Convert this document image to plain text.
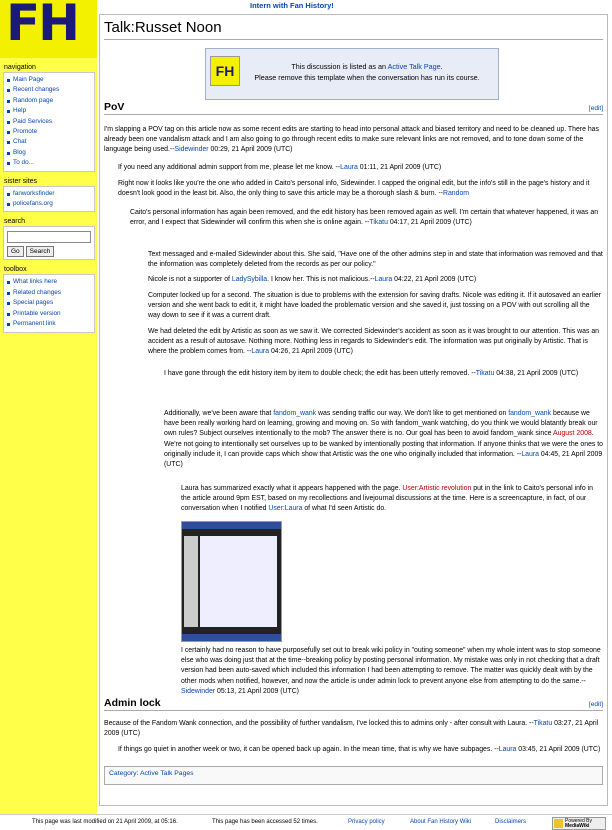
FH	Intern with Fan History!
navigation
Main Page
Recent changes
Random page
Help
Paid Services
Promote
Chat
Blog
To do...
sister sites
fanworksfinder
policefans.org
search
Go Search
toolbox
What links here
Related changes
Special pages
Printable version
Permanent link
Talk:Russet Noon
FH	This discussion is listed as an Active Talk Page.
Please remove this template when the conversation has run its course.
PoV	[edit]
I'm slapping a POV tag on this article now as some recent edits are starting to head into personal attack and biased territory and need to be cleaned up. There has already been one vandalism attack and I am also going to go through recent edits to make sure relevant links are not removed, and to tone down some of the language being used.--Sidewinder 00:29, 21 April 2009 (UTC)
If you need any additional admin support from me, please let me know. --Laura 01:11, 21 April 2009 (UTC)
Right now it looks like you're the one who added in Caito's personal info, Sidewinder. I capped the original edit, but the info's still in the page's history and it doesn't look good in the least bit. Also, the only thing to save this article may be a thorough slash & burn. --Random
Caito's personal information has again been removed, and the edit history has been removed again as well. I'm certain that whatever happened, it was an error, and I expect that Sidewinder will confirm this when she is online again. --Tikatu 04:17, 21 April 2009 (UTC)
Text messaged and e-mailed Sidewinder about this. She said, "Have one of the other admins step in and state that information was removed and that the information was completely deleted from the records as per our policy."
Nicole is not a supporter of LadySybilla. I know her. This is not malicious.--Laura 04:22, 21 April 2009 (UTC)
Computer locked up for a second. The situation is due to problems with the extension for saving drafts. Nicole was editing it. If it autosaved an earlier version and she went back to edit it, it might have loaded the problematic version and she saved it, just tossing on a POV with out scrolling all the way down to see if it was a current draft.
We had deleted the edit by Artistic as soon as we saw it. We corrected Sidewinder's accident as soon as it was brought to our attention. This was an accident as a result of autosave. Nothing more. Nothing less in regards to Sidewinder's edit. The information was put originally by Artistic. That is where the problem comes from. --Laura 04:26, 21 April 2009 (UTC)
I have gone through the edit history item by item to double check; the edit has been utterly removed. --Tikatu 04:38, 21 April 2009 (UTC)
Additionally, we've been aware that fandom_wank was sending traffic our way. We don't like to get mentioned on fandom_wank because we have been really working hard on learning, growing and moving on. So with fandom_wank watching, do you think we would blatantly break our own rules? Subject ourselves intentionally to the mob? The answer there is no. Our goal has been to avoid fandom_wank since August 2008. We're not going to intentionally set ourselves up to be wanked by intentionally posting that information. If anyone thinks that we were the ones to originally include it, I can provide caps which show that Artistic was the one who originally included that information. --Laura 04:45, 21 April 2009 (UTC)
Laura has summarized exactly what it appears happened with the page. User:Artistic revolution put in the link to Caito's personal info in the article around 9pm EST, based on my recollections and livejournal discussions at the time. Here is a screencapture, in fact, of our conversation when I notified User:Laura of what I'd seen Artistic do.
I certainly had no reason to have purposefully set out to break wiki policy in "outing someone" when my whole intent was to stop someone else who was doing just that at the time--breaking policy by posting personal information. My mistake was only in not checking that a draft version had been auto-saved which included this information I had been attempting to remove. The matter was quickly dealt with by the other mods when notified, however, and now the article is under admin lock to prevent anyone else from attempting to do the same.--Sidewinder 05:13, 21 April 2009 (UTC)
Admin lock	[edit]
Because of the Fandom Wank connection, and the possibility of further vandalism, I've locked this to admins only - after consult with Laura. --Tikatu 03:27, 21 April 2009 (UTC)
If things go quiet in another week or two, it can be opened back up again. In the mean time, that is why we have subpages. --Laura 03:45, 21 April 2009 (UTC)
Category: Active Talk Pages
This page was last modified on 21 April 2009, at 05:16.	This page has been accessed 52 times.	Privacy policy	About Fan History Wiki	Disclaimers	Powered By
MediaWiki
